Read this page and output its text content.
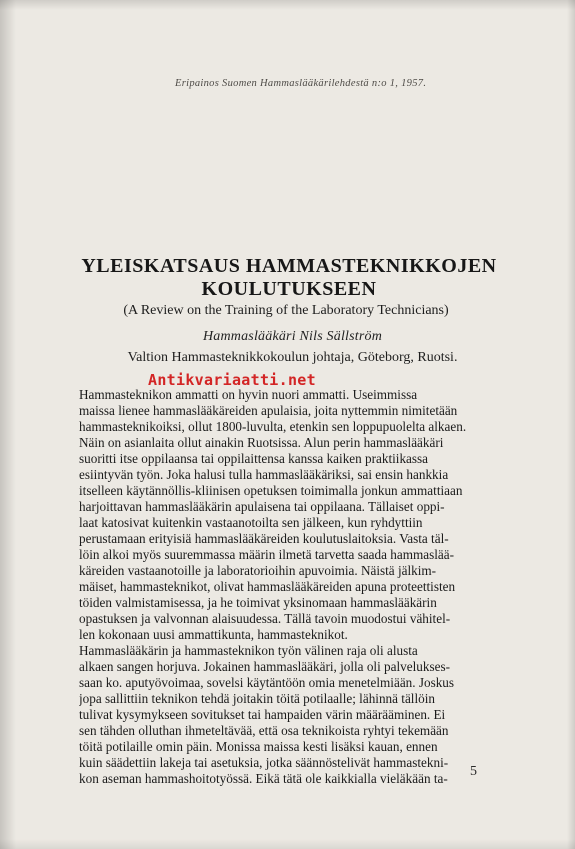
Eripainos Suomen Hammaslääkärilehdestä n:o 1, 1957.
YLEISKATSAUS HAMMASTEKNIKKOJEN
KOULUTUKSEEN
(A Review on the Training of the Laboratory Technicians)
Hammaslääkäri Nils Sällström
Valtion Hammasteknikkokoulun johtaja, Göteborg, Ruotsi.
Antikvariaatti.net
Hammasteknikon ammatti on hyvin nuori ammatti. Useimmissa
maissa lienee hammaslääkäreiden apulaisia, joita nyttemmin nimitetään
hammasteknikoiksi, ollut 1800-luvulta, etenkin sen loppupuolelta alkaen.
Näin on asianlaita ollut ainakin Ruotsissa. Alun perin hammaslääkäri
suoritti itse oppilaansa tai oppilaittensa kanssa kaiken praktiikassa
esiintyvän työn. Joka halusi tulla hammaslääkäriksi, sai ensin hankkia
itselleen käytännöllis-kliinisen opetuksen toimimalla jonkun ammattiaan
harjoittavan hammaslääkärin apulaisena tai oppilaana. Tällaiset oppi-
laat katosivat kuitenkin vastaanotoilta sen jälkeen, kun ryhdyttiin
perustamaan erityisiä hammaslääkäreiden koulutuslaitoksia. Vasta täl-
löin alkoi myös suuremmassa määrin ilmetä tarvetta saada hammaslää-
käreiden vastaanotoille ja laboratorioihin apuvoimia. Näistä jälkim-
mäiset, hammasteknikot, olivat hammaslääkäreiden apuna proteettisten
töiden valmistamisessa, ja he toimivat yksinomaan hammaslääkärin
opastuksen ja valvonnan alaisuudessa. Tällä tavoin muodostui vähitel-
len kokonaan uusi ammattikunta, hammasteknikot.
Hammaslääkärin ja hammasteknikon työn välinen raja oli alusta
alkaen sangen horjuva. Jokainen hammaslääkäri, jolla oli palvelukses-
saan ko. aputyövoimaa, sovelsi käytäntöön omia menetelmiään. Joskus
jopa sallittiin teknikon tehdä joitakin töitä potilaalle; lähinnä tällöin
tulivat kysymykseen sovitukset tai hampaiden värin määrääminen. Ei
sen tähden olluthan ihmeteltävää, että osa teknikoista ryhtyi tekemään
töitä potilaille omin päin. Monissa maissa kesti lisäksi kauan, ennen
kuin säädettiin lakeja tai asetuksia, jotka säännöstelivät hammastekni-
kon aseman hammashoitotyössä. Eikä tätä ole kaikkialla vieläkään ta-	5
